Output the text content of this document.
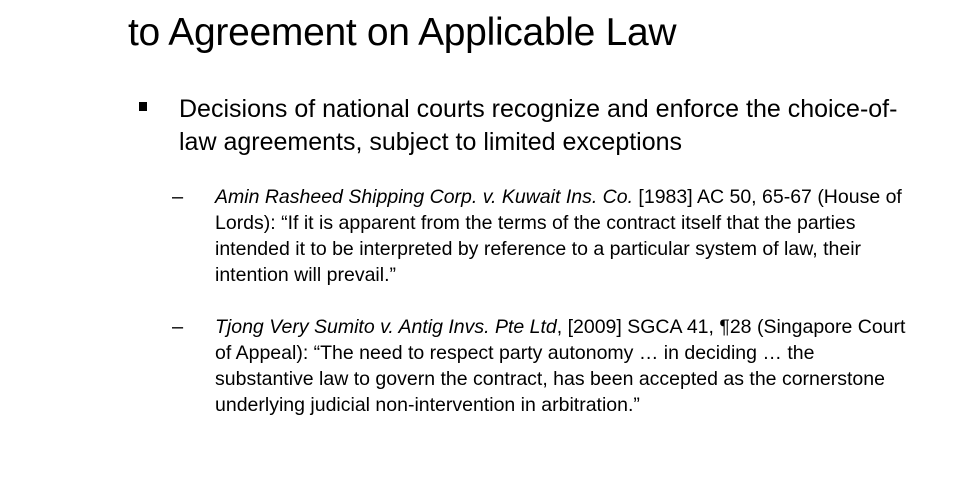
to Agreement on Applicable Law
Decisions of national courts recognize and enforce the choice-of-law agreements, subject to limited exceptions
– Amin Rasheed Shipping Corp. v. Kuwait Ins. Co. [1983] AC 50, 65-67 (House of Lords): “If it is apparent from the terms of the contract itself that the parties intended it to be interpreted by reference to a particular system of law, their intention will prevail.”
– Tjong Very Sumito v. Antig Invs. Pte Ltd, [2009] SGCA 41, ¶28 (Singapore Court of Appeal): “The need to respect party autonomy … in deciding … the substantive law to govern the contract, has been accepted as the cornerstone underlying judicial non-intervention in arbitration.”
